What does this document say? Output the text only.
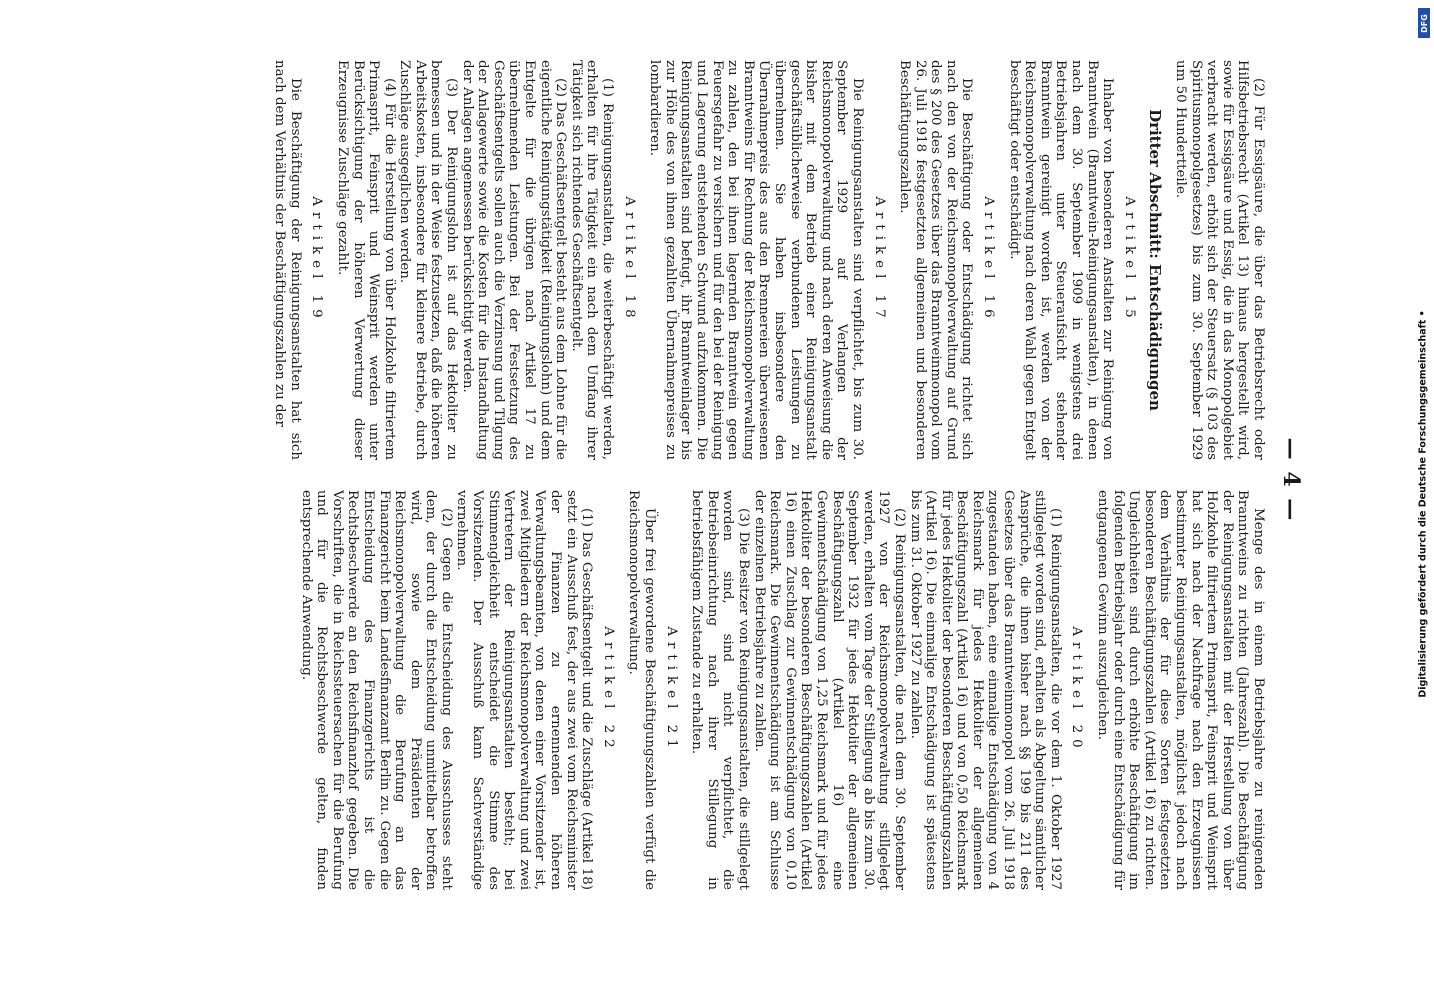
— 4 —

(2) Für Essigsäure, die über das Betriebsrecht oder Hilfsbetriebsrecht (Artikel 13) hinaus hergestellt wird, sowie für Essigsäure und Essig, die in das Monopolgebiet verbracht werden, erhöht sich der Steuersatz (§ 103 des Spiritusmonopolgesetzes) bis zum 30. September 1929 um 50 Hundertteile.

Dritter Abschnitt: Entschädigungen

Artikel 15

Inhaber von besonderen Anstalten zur Reinigung von Branntwein (Branntwein-Reinigungsanstalten), in denen nach dem 30. September 1909 in wenigstens drei Betriebsjahren unter Steueraufsicht stehender Branntwein gereinigt worden ist, werden von der Reichsmonopolverwaltung nach deren Wahl gegen Entgelt beschäftigt oder entschädigt.

Artikel 16

Die Beschäftigung oder Entschädigung richtet sich nach den von der Reichsmonopolverwaltung auf Grund des § 200 des Gesetzes über das Branntweinmonopol vom 26. Juli 1918 festgesetzten allgemeinen und besonderen Beschäftigungszahlen.

Artikel 17

Die Reinigungsanstalten sind verpflichtet, bis zum 30. September 1929 auf Verlangen der Reichsmonopolverwaltung und nach deren Anweisung die bisher mit dem Betrieb einer Reinigungsanstalt geschäftsüblicherweise verbundenen Leistungen zu übernehmen. Sie haben insbesondere den Übernahmepreis des aus den Brennereien überwiesenen Branntweins für Rechnung der Reichsmonopolverwaltung zu zahlen, den bei ihnen lagernden Branntwein gegen Feuersgefahr zu versichern und für den bei der Reinigung und Lagerung entstehenden Schwund aufzukommen. Die Reinigungsanstalten sind befugt, ihr Branntweinlager bis zur Höhe des von ihnen gezahlten Übernahmepreises zu lombardieren.

Artikel 18

(1) Reinigungsanstalten, die weiterbeschäftigt werden, erhalten für ihre Tätigkeit ein nach dem Umfang ihrer Tätigkeit sich richtendes Geschäftsentgelt.

(2) Das Geschäftsentgelt besteht aus dem Lohne für die eigentliche Reinigungstätigkeit (Reinigungslohn) und dem Entgelte für die übrigen nach Artikel 17 zu übernehmenden Leistungen. Bei der Festsetzung des Geschäftsentgelts sollen auch die Verzinsung und Tilgung der Anlagewerte sowie die Kosten für die Instandhaltung der Anlagen angemessen berücksichtigt werden.

(3) Der Reinigungslohn ist auf das Hektoliter zu bemessen und in der Weise festzusetzen, daß die höheren Arbeitskosten, insbesondere für kleinere Betriebe, durch Zuschläge ausgeglichen werden.

(4) Für die Herstellung von über Holzkohle filtriertem Primasprit, Feinsprit und Weinsprit werden unter Berücksichtigung der höheren Verwertung dieser Erzeugnisse Zuschläge gezahlt.

Artikel 19

Die Beschäftigung der Reinigungsanstalten hat sich nach dem Verhältnis der Beschäftigungszahlen zu der

Menge des in einem Betriebsjahre zu reinigenden Branntweins zu richten (Jahreszahl). Die Beschäftigung der Reinigungsanstalten mit der Herstellung von über Holzkohle filtriertem Primasprit, Feinsprit und Weinsprit hat sich nach der Nachfrage nach den Erzeugnissen bestimmter Reinigungsanstalten, möglichst jedoch nach dem Verhältnis der für diese Sorten festgesetzten besonderen Beschäftigungszahlen (Artikel 16) zu richten. Ungleichheiten sind durch erhöhte Beschäftigung im folgenden Betriebsjahr oder durch eine Entschädigung für entgangenen Gewinn auszugleichen.

Artikel 20

(1) Reinigungsanstalten, die vor dem 1. Oktober 1927 stillgelegt worden sind, erhalten als Abgeltung sämtlicher Ansprüche, die ihnen bisher nach §§ 199 bis 211 des Gesetzes über das Branntweinmonopol vom 26. Juli 1918 zugestanden haben, eine einmalige Entschädigung von 4 Reichsmark für jedes Hektoliter der allgemeinen Beschäftigungszahl (Artikel 16) und von 0,50 Reichsmark für jedes Hektoliter der besonderen Beschäftigungszahlen (Artikel 16). Die einmalige Entschädigung ist spätestens bis zum 31. Oktober 1927 zu zahlen.

(2) Reinigungsanstalten, die nach dem 30. September 1927 von der Reichsmonopolverwaltung stillgelegt werden, erhalten vom Tage der Stillegung ab bis zum 30. September 1932 für jedes Hektoliter der allgemeinen Beschäftigungszahl (Artikel 16) eine Gewinnentschädigung von 1,25 Reichsmark und für jedes Hektoliter der besonderen Beschäftigungszahlen (Artikel 16) einen Zuschlag zur Gewinnentschädigung von 0,10 Reichsmark. Die Gewinnentschädigung ist am Schlusse der einzelnen Betriebsjahre zu zahlen.

(3) Die Besitzer von Reinigungsanstalten, die stillgelegt worden sind, sind nicht verpflichtet, die Betriebseinrichtung nach ihrer Stillegung in betriebsfähigem Zustande zu erhalten.

Artikel 21

Über frei gewordene Beschäftigungszahlen verfügt die Reichsmonopolverwaltung.

Artikel 22

(1) Das Geschäftsentgelt und die Zuschläge (Artikel 18) setzt ein Ausschuß fest, der aus zwei vom Reichsminister der Finanzen zu ernennenden höheren Verwaltungsbeamten, von denen einer Vorsitzender ist, zwei Mitgliedern der Reichsmonopolverwaltung und zwei Vertretern der Reinigungsanstalten besteht; bei Stimmengleichheit entscheidet die Stimme des Vorsitzenden. Der Ausschuß kann Sachverständige vernehmen.

(2) Gegen die Entscheidung des Ausschusses steht dem, der durch die Entscheidung unmittelbar betroffen wird, sowie dem Präsidenten der Reichsmonopolverwaltung die Berufung an das Finanzgericht beim Landesfinanzamt Berlin zu. Gegen die Entscheidung des Finanzgerichts ist die Rechtsbeschwerde an den Reichsfinanzhof gegeben. Die Vorschriften, die in Reichssteuersachen für die Berufung und für die Rechtsbeschwerde gelten, finden entsprechende Anwendung.

DFG
Digitalisierung gefördert durch die Deutsche Forschungsgemeinschaft •
